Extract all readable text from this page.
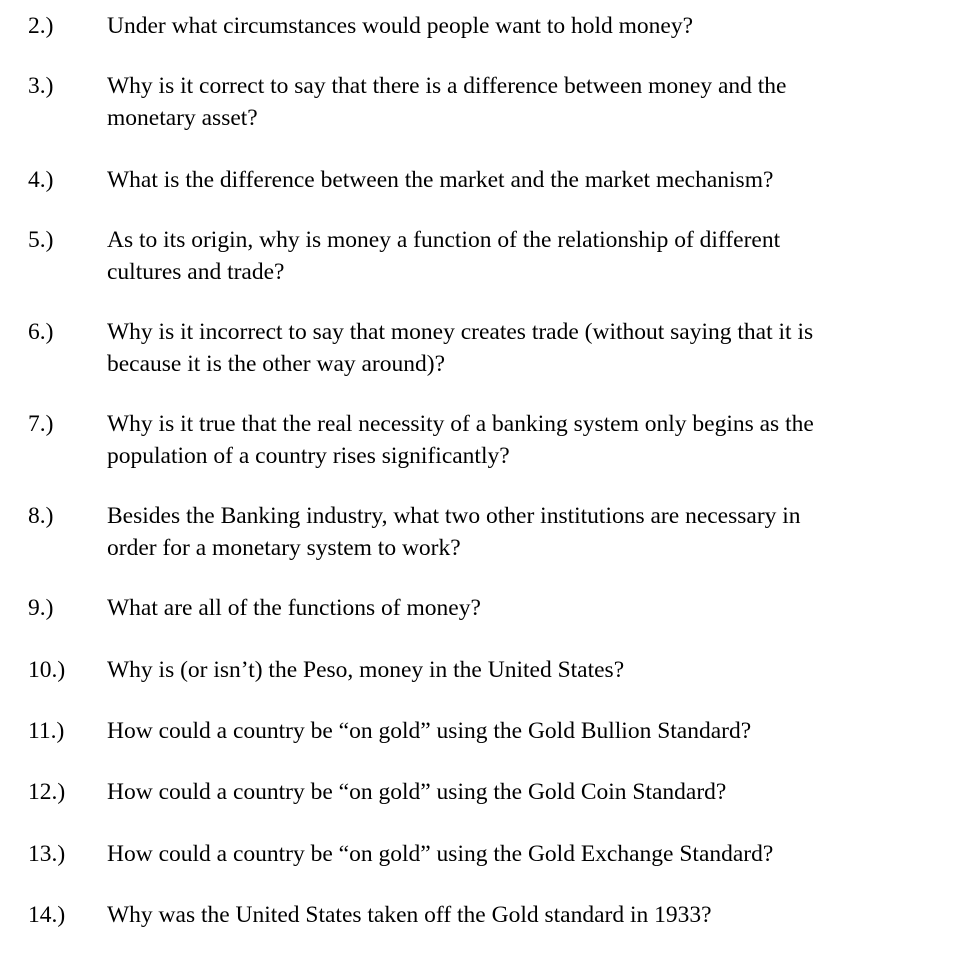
2.) Under what circumstances would people want to hold money?
3.) Why is it correct to say that there is a difference between money and the
monetary asset?
4.) What is the difference between the market and the market mechanism?
5.) As to its origin, why is money a function of the relationship of different
cultures and trade?
6.) Why is it incorrect to say that money creates trade (without saying that it is
because it is the other way around)?
7.) Why is it true that the real necessity of a banking system only begins as the
population of a country rises significantly?
8.) Besides the Banking industry, what two other institutions are necessary in
order for a monetary system to work?
9.) What are all of the functions of money?
10.) Why is (or isn’t) the Peso, money in the United States?
11.) How could a country be “on gold” using the Gold Bullion Standard?
12.) How could a country be “on gold” using the Gold Coin Standard?
13.) How could a country be “on gold” using the Gold Exchange Standard?
14.) Why was the United States taken off the Gold standard in 1933?
